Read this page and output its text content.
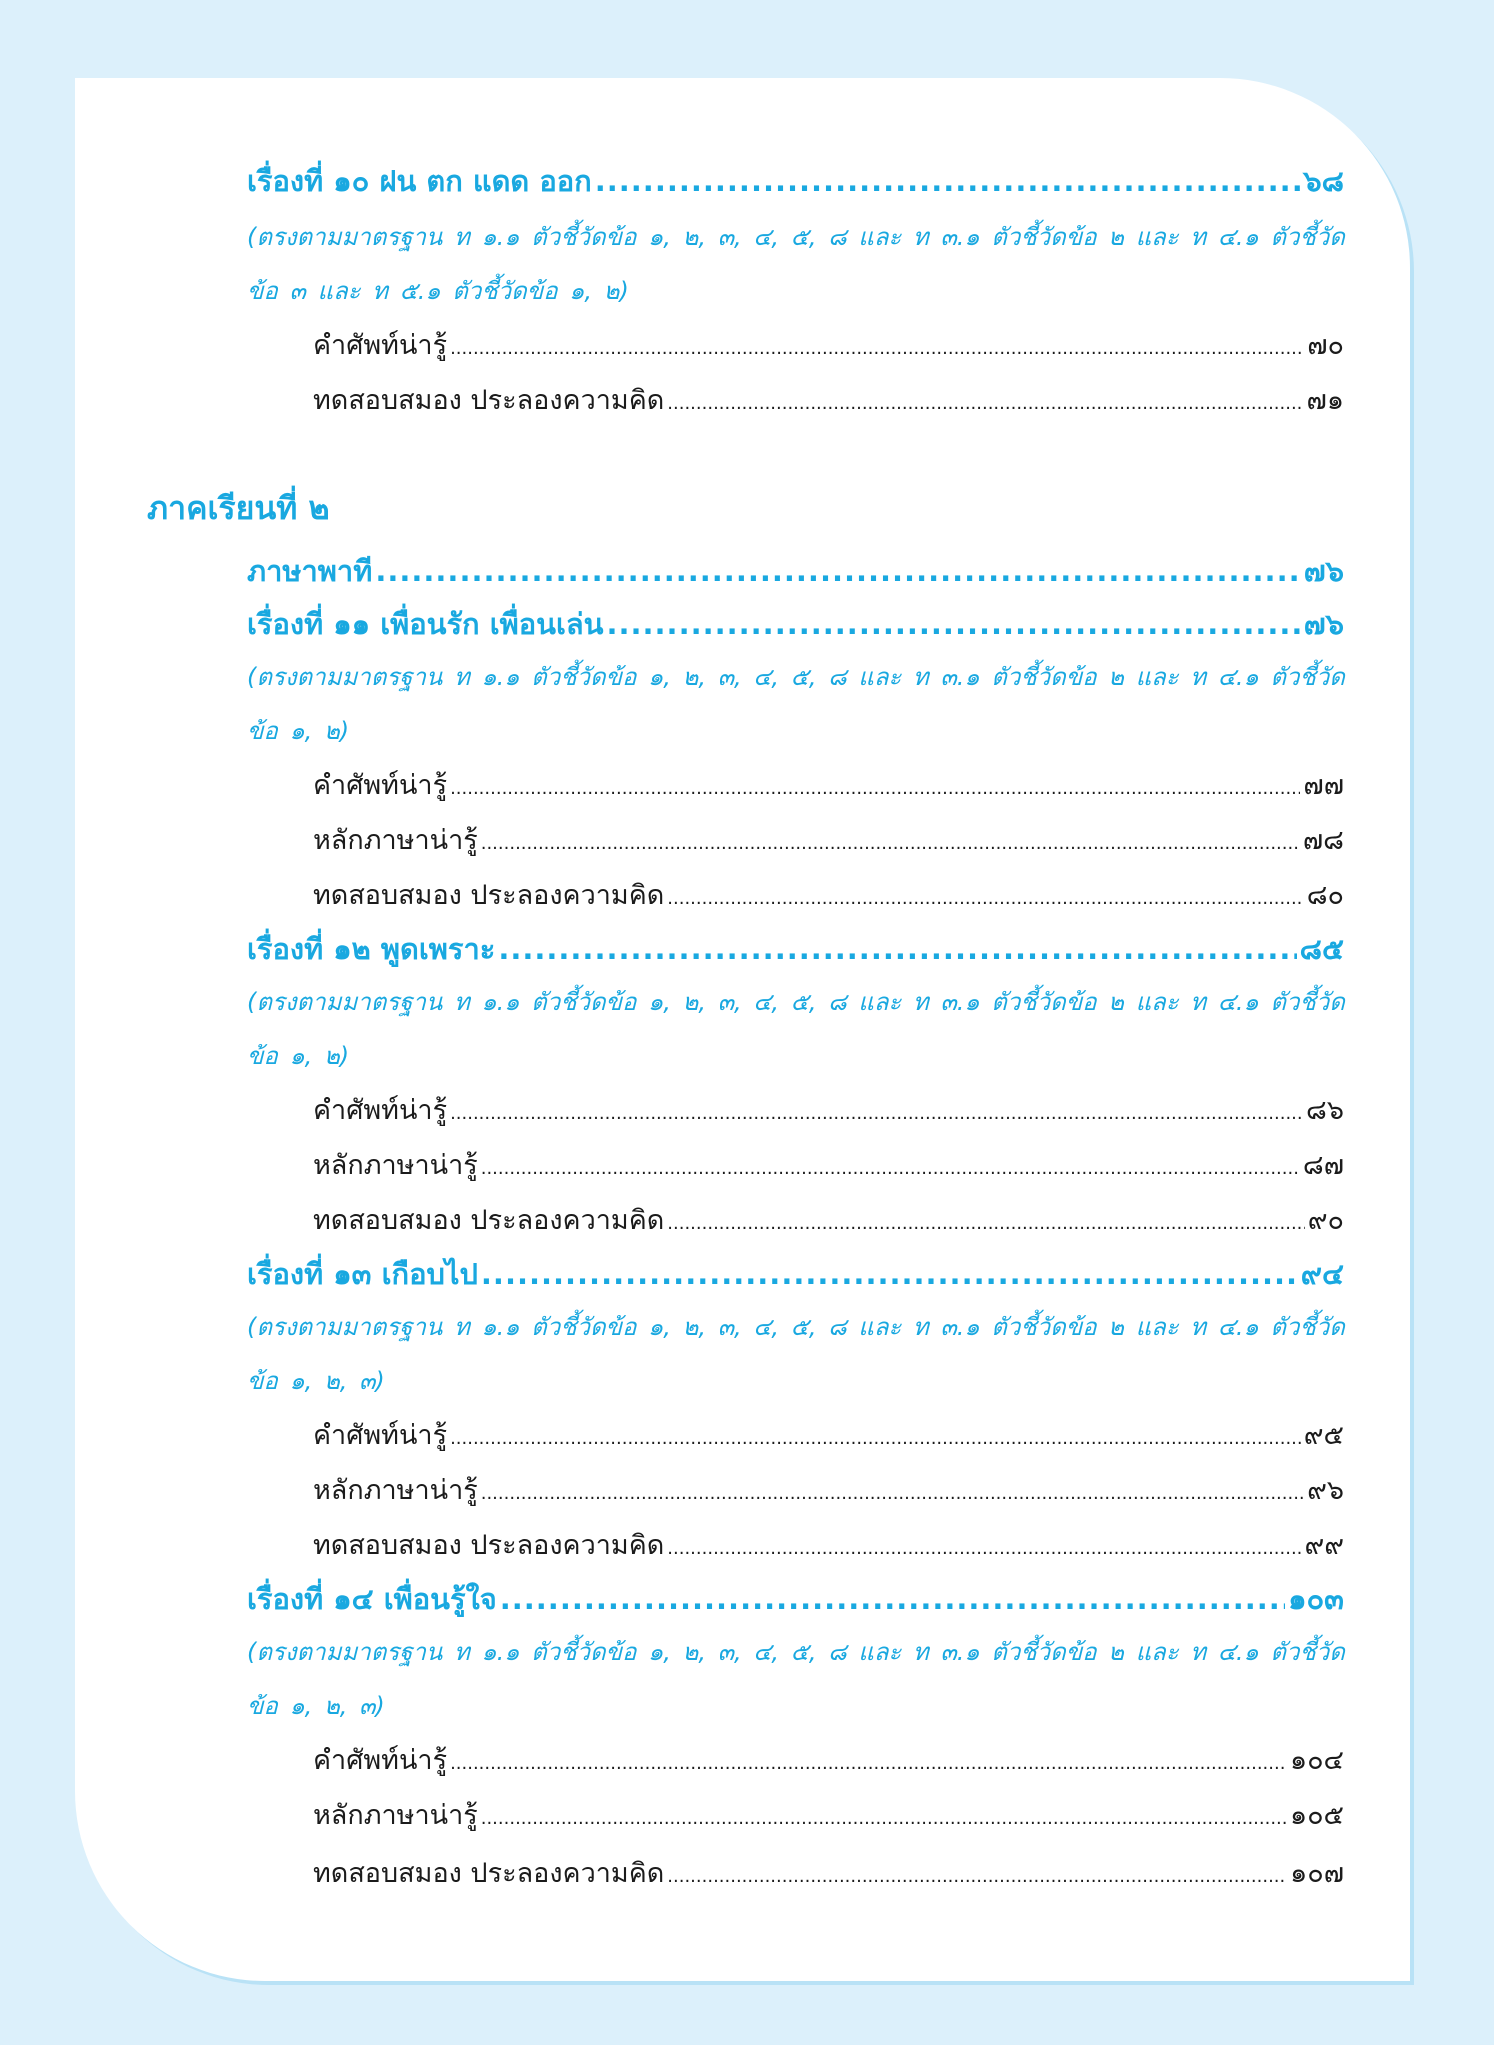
เรื่องที่ ๑๐ ฝน ตก แดด ออก .....	๖๘
(ตรงตามมาตรฐาน ท ๑.๑ ตัวชี้วัดข้อ ๑, ๒, ๓, ๔, ๕, ๘ และ ท ๓.๑ ตัวชี้วัดข้อ ๒ และ ท ๔.๑ ตัวชี้วัด ข้อ ๓ และ ท ๕.๑ ตัวชี้วัดข้อ ๑, ๒)
คำศัพท์น่ารู้ .....	๗๐
ทดสอบสมอง ประลองความคิด .....	๗๑
ภาคเรียนที่ ๒
ภาษาพาที .....	๗๖
เรื่องที่ ๑๑ เพื่อนรัก เพื่อนเล่น .....	๗๖
(ตรงตามมาตรฐาน ท ๑.๑ ตัวชี้วัดข้อ ๑, ๒, ๓, ๔, ๕, ๘ และ ท ๓.๑ ตัวชี้วัดข้อ ๒ และ ท ๔.๑ ตัวชี้วัด ข้อ ๑, ๒)
คำศัพท์น่ารู้ .....	๗๗
หลักภาษาน่ารู้ .....	๗๘
ทดสอบสมอง ประลองความคิด .....	๘๐
เรื่องที่ ๑๒ พูดเพราะ .....	๘๕
(ตรงตามมาตรฐาน ท ๑.๑ ตัวชี้วัดข้อ ๑, ๒, ๓, ๔, ๕, ๘ และ ท ๓.๑ ตัวชี้วัดข้อ ๒ และ ท ๔.๑ ตัวชี้วัด ข้อ ๑, ๒)
คำศัพท์น่ารู้ .....	๘๖
หลักภาษาน่ารู้ .....	๘๗
ทดสอบสมอง ประลองความคิด .....	๙๐
เรื่องที่ ๑๓ เกือบไป .....	๙๔
(ตรงตามมาตรฐาน ท ๑.๑ ตัวชี้วัดข้อ ๑, ๒, ๓, ๔, ๕, ๘ และ ท ๓.๑ ตัวชี้วัดข้อ ๒ และ ท ๔.๑ ตัวชี้วัด ข้อ ๑, ๒, ๓)
คำศัพท์น่ารู้ .....	๙๕
หลักภาษาน่ารู้ .....	๙๖
ทดสอบสมอง ประลองความคิด .....	๙๙
เรื่องที่ ๑๔ เพื่อนรู้ใจ .....	๑๐๓
(ตรงตามมาตรฐาน ท ๑.๑ ตัวชี้วัดข้อ ๑, ๒, ๓, ๔, ๕, ๘ และ ท ๓.๑ ตัวชี้วัดข้อ ๒ และ ท ๔.๑ ตัวชี้วัด ข้อ ๑, ๒, ๓)
คำศัพท์น่ารู้ .....	๑๐๔
หลักภาษาน่ารู้ .....	๑๐๕
ทดสอบสมอง ประลองความคิด .....	๑๐๗
